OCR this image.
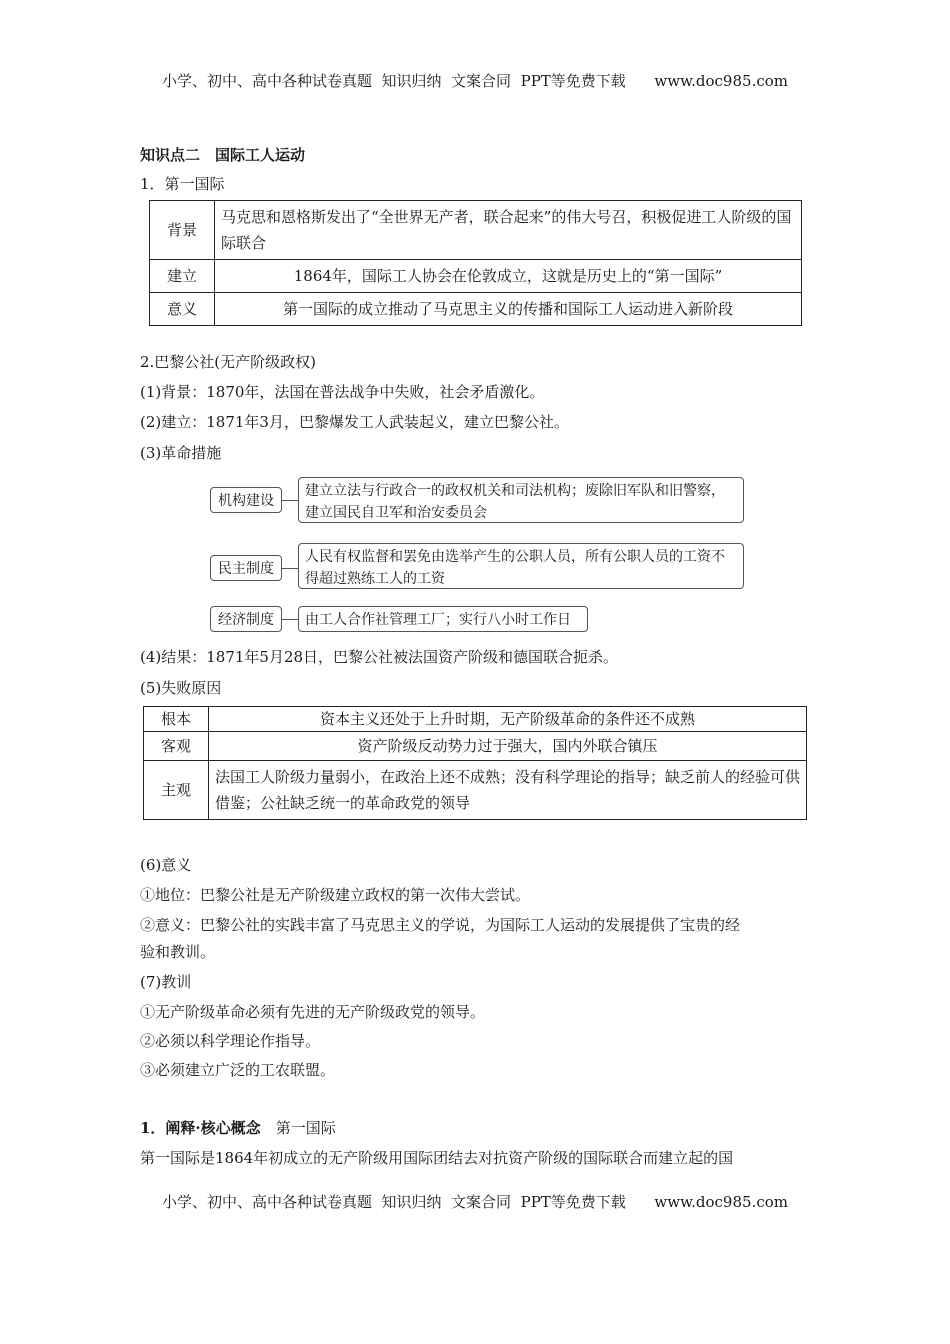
小学、初中、高中各种试卷真题  知识归纳  文案合同  PPT等免费下载      www.doc985.com
知识点二　国际工人运动
1．第一国际
背景	马克思和恩格斯发出了“全世界无产者，联合起来”的伟大号召，积极促进工人阶级的国际联合
建立	1864年，国际工人协会在伦敦成立，这就是历史上的“第一国际”
意义	第一国际的成立推动了马克思主义的传播和国际工人运动进入新阶段
2.巴黎公社(无产阶级政权)
(1)背景：1870年，法国在普法战争中失败，社会矛盾激化。
(2)建立：1871年3月，巴黎爆发工人武装起义，建立巴黎公社。
(3)革命措施
机构建设
建立立法与行政合一的政权机关和司法机构；废除旧军队和旧警察，建立国民自卫军和治安委员会
民主制度
人民有权监督和罢免由选举产生的公职人员，所有公职人员的工资不得超过熟练工人的工资
经济制度	由工人合作社管理工厂；实行八小时工作日
(4)结果：1871年5月28日，巴黎公社被法国资产阶级和德国联合扼杀。
(5)失败原因
根本	资本主义还处于上升时期，无产阶级革命的条件还不成熟
客观	资产阶级反动势力过于强大，国内外联合镇压
主观	法国工人阶级力量弱小，在政治上还不成熟；没有科学理论的指导；缺乏前人的经验可供借鉴；公社缺乏统一的革命政党的领导
(6)意义
①地位：巴黎公社是无产阶级建立政权的第一次伟大尝试。
②意义：巴黎公社的实践丰富了马克思主义的学说，为国际工人运动的发展提供了宝贵的经
验和教训。
(7)教训
①无产阶级革命必须有先进的无产阶级政党的领导。
②必须以科学理论作指导。
③必须建立广泛的工农联盟。
1．阐释·核心概念　 第一国际
第一国际是1864年初成立的无产阶级用国际团结去对抗资产阶级的国际联合而建立起的国
小学、初中、高中各种试卷真题  知识归纳  文案合同  PPT等免费下载      www.doc985.com
